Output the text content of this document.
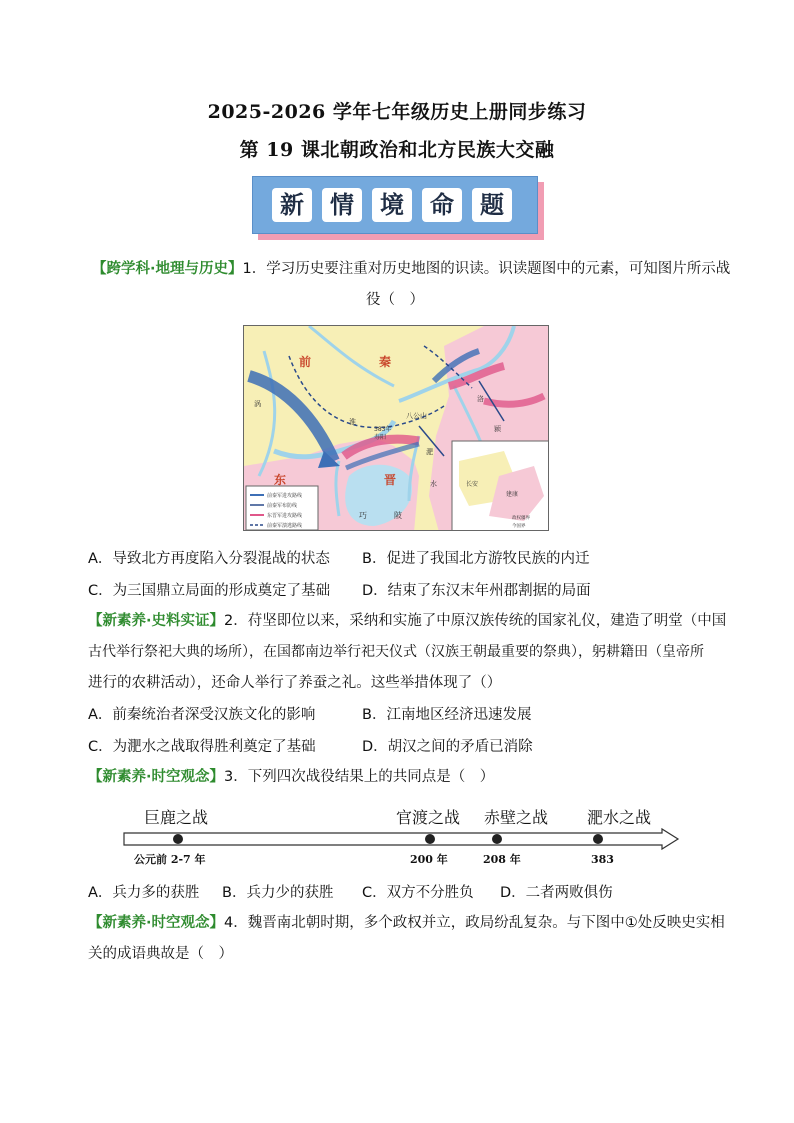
2025-2026 学年七年级历史上册同步练习
第 19 课北朝政治和北方民族大交融
新	情	境	命	题
【跨学科·地理与历史】1．学习历史要注重对历史地图的识读。识读题图中的元素，可知图片所示战
役（　）
前	秦
东	晋
八公山
383年
寿阳
淝
水
淮
巧	陂
洛
涡
颍
长安
建康
前秦军进攻路线
前秦军布防线
东晋军进攻路线
前秦军溃逃路线
政权疆界
今国界
A．导致北方再度陷入分裂混战的状态 B．促进了我国北方游牧民族的内迁
C．为三国鼎立局面的形成奠定了基础 D．结束了东汉末年州郡割据的局面
【新素养·史料实证】2．苻坚即位以来，采纳和实施了中原汉族传统的国家礼仪，建造了明堂（中国
古代举行祭祀大典的场所），在国都南边举行祀天仪式（汉族王朝最重要的祭典），躬耕籍田（皇帝所
进行的农耕活动），还命人举行了养蚕之礼。这些举措体现了（）
A．前秦统治者深受汉族文化的影响	B．江南地区经济迅速发展
C．为淝水之战取得胜利奠定了基础	D．胡汉之间的矛盾已消除
【新素养·时空观念】3．下列四次战役结果上的共同点是（　）
巨鹿之战	官渡之战 赤壁之战 淝水之战
公元前 2-7 年	200 年	208 年	383
A．兵力多的获胜 B．兵力少的获胜 C．双方不分胜负 D．二者两败俱伤
【新素养·时空观念】4．魏晋南北朝时期，多个政权并立，政局纷乱复杂。与下图中①处反映史实相
关的成语典故是（　）
